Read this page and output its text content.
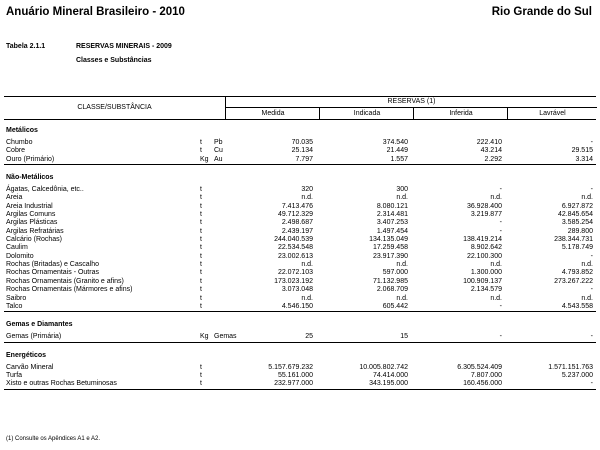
Anuário Mineral Brasileiro - 2010	Rio Grande do Sul
Tabela 2.1.1	RESERVAS MINERAIS - 2009
Classes e Substâncias
CLASSE/SUBSTÂNCIA
RESERVAS (1)
Medida	Indicada	Inferida	Lavrável
Metálicos
Chumbo	t Pb	70.035	374.540	222.410	-
Cobre	t Cu	25.134	21.449	43.214	29.515
Ouro (Primário)	Kg Au	7.797	1.557	2.292	3.314
Não-Metálicos
Ágatas, Calcedônia, etc..	t	320	300	-	-
Areia	t	n.d.	n.d.	n.d.	n.d.
Areia Industrial	t	7.413.476	8.080.121	36.928.400	6.927.872
Argilas Comuns	t	49.712.329	2.314.481	3.219.877	42.845.654
Argilas Plásticas	t	2.498.687	3.407.253	-	3.585.254
Argilas Refratárias	t	2.439.197	1.497.454	-	289.800
Calcário (Rochas)	t	244.040.539	134.135.049	138.419.214	238.344.731
Caulim	t	22.534.548	17.259.458	8.902.642	5.178.749
Dolomito	t	23.002.613	23.917.390	22.100.300	-
Rochas (Britadas) e Cascalho	t	n.d.	n.d.	n.d.	n.d.
Rochas Ornamentais - Outras	t	22.072.103	597.000	1.300.000	4.793.852
Rochas Ornamentais (Granito e afins)	t	173.023.192	71.132.985	100.909.137	273.267.222
Rochas Ornamentais (Mármores e afins)	t	3.073.048	2.068.709	2.134.579	-
Saibro	t	n.d.	n.d.	n.d.	n.d.
Talco	t	4.546.150	605.442	-	4.543.558
Gemas e Diamantes
Gemas (Primária)	Kg Gemas	25	15	-	-
Energéticos
Carvão Mineral	t	5.157.679.232	10.005.802.742	6.305.524.409	1.571.151.763
Turfa	t	55.161.000	74.414.000	7.807.000	5.237.000
Xisto e outras Rochas Betuminosas	t	232.977.000	343.195.000	160.456.000	-
(1) Consulte os Apêndices A1 e A2.
